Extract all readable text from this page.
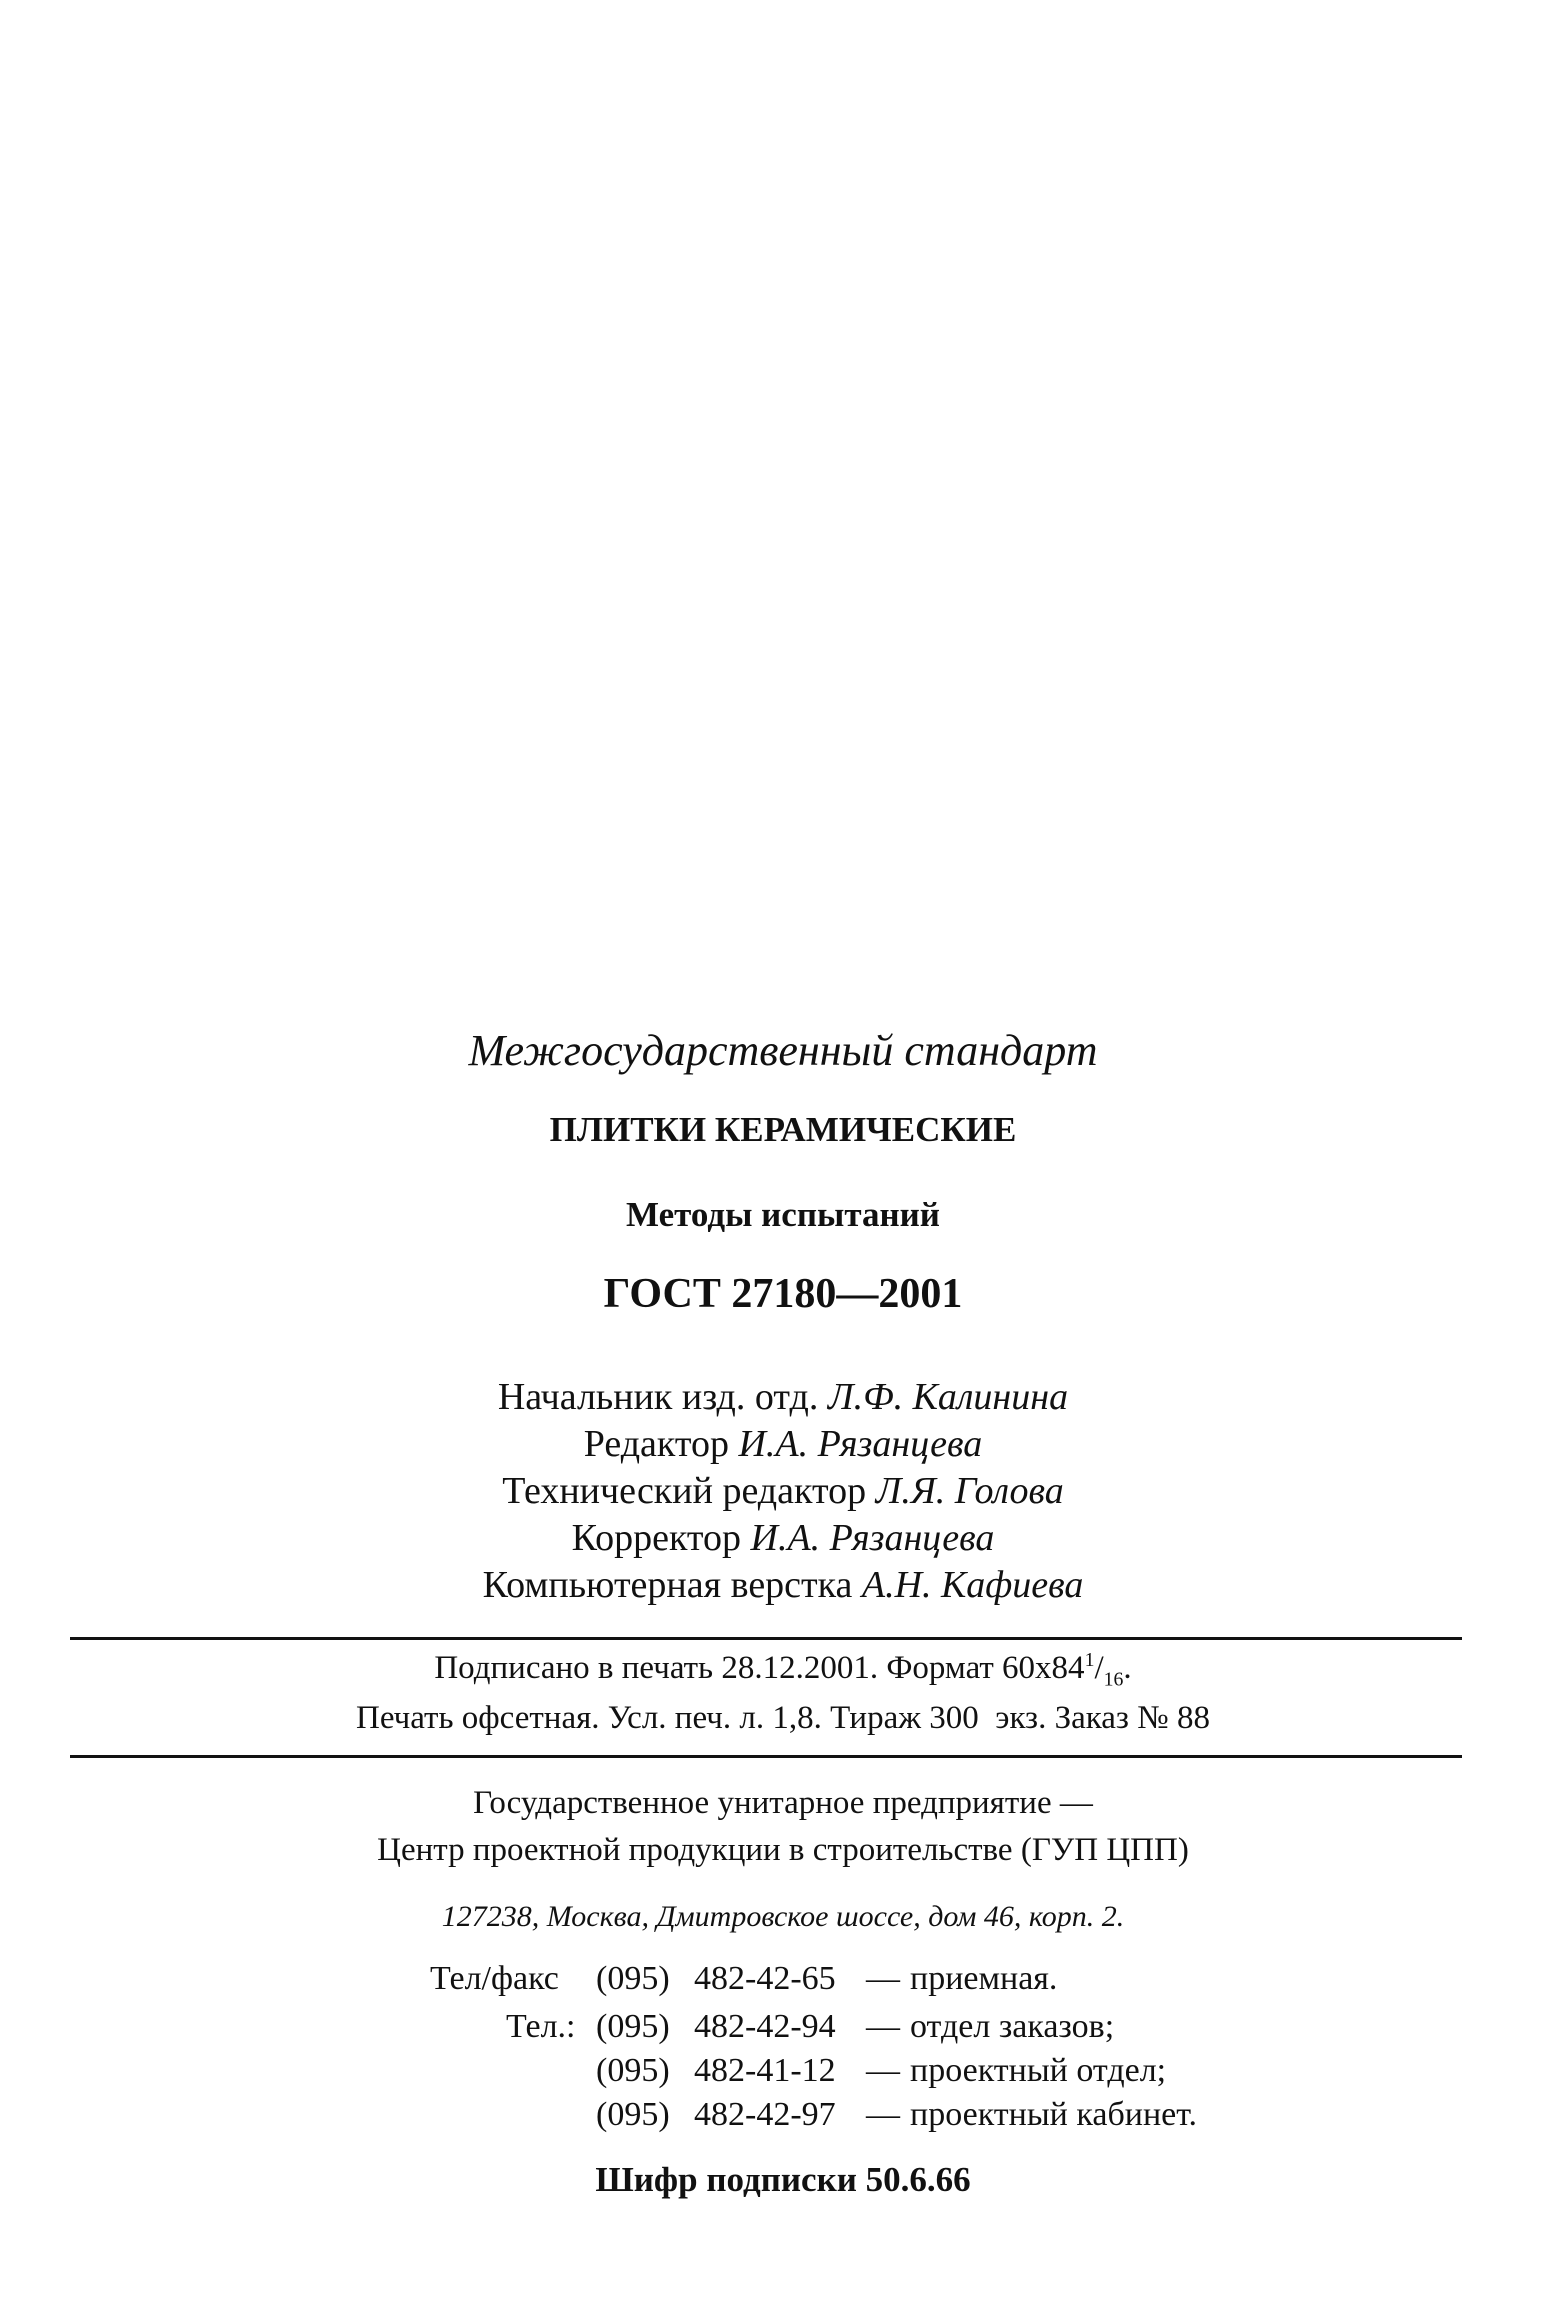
Межгосударственный стандарт
ПЛИТКИ КЕРАМИЧЕСКИЕ
Методы испытаний
ГОСТ 27180—2001
Начальник изд. отд. Л.Ф. Калинина
Редактор И.А. Рязанцева
Технический редактор Л.Я. Голова
Корректор И.А. Рязанцева
Компьютерная верстка А.Н. Кафиева
Подписано в печать 28.12.2001. Формат $60х84^1/_{16}$.
Печать офсетная. Усл. печ. л. 1,8. Тираж 300  экз. Заказ № 88
Государственное унитарное предприятие —
Центр проектной продукции в строительстве (ГУП ЦПП)
127238, Москва, Дмитровское шоссе, дом 46, корп. 2.
Тел/факс (095) 482-42-65 — приемная.
Тел.: (095) 482-42-94 — отдел заказов;
(095) 482-41-12 — проектный отдел;
(095) 482-42-97 — проектный кабинет.
Шифр подписки 50.6.66
